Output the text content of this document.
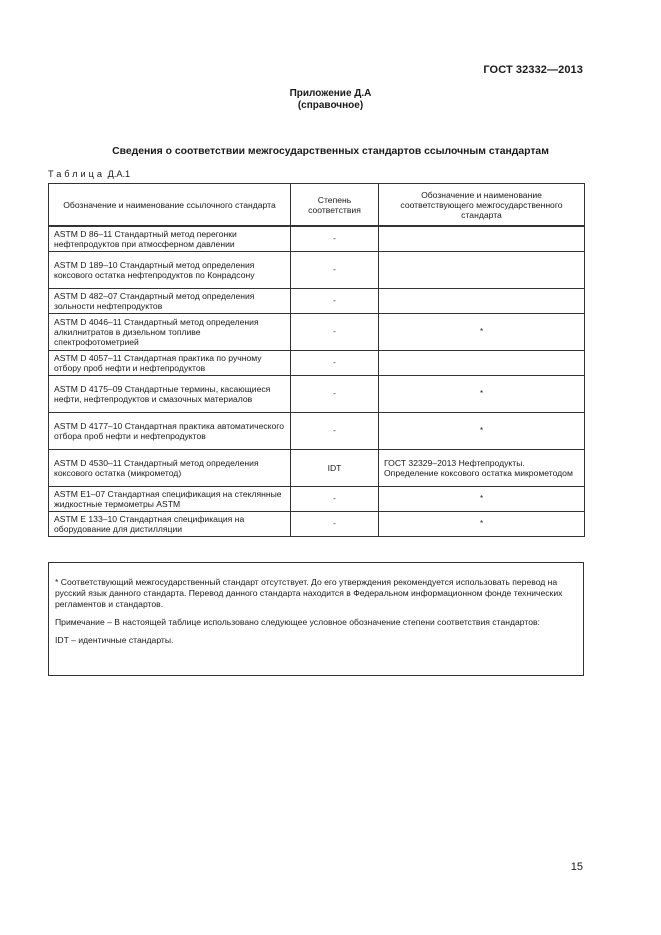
ГОСТ 32332—2013
Приложение Д.А
(справочное)
Сведения о соответствии межгосударственных стандартов ссылочным стандартам
Таблица Д.А.1
Обозначение и наименование ссылочного стандарта	Степень соответствия	Обозначение и наименование соответствующего межгосударственного стандарта
ASTM D 86–11 Стандартный метод перегонки нефтепродуктов при атмосферном давлении	-	
ASTM D 189–10 Стандартный метод определения коксового остатка нефтепродуктов по Конрадсону	-	
ASTM D 482–07 Стандартный метод определения зольности нефтепродуктов	-	
ASTM D 4046–11 Стандартный метод определения алкилнитратов в дизельном топливе спектрофотометрией	-	*
ASTM D 4057–11 Стандартная практика по ручному отбору проб нефти и нефтепродуктов	-	
ASTM D 4175–09 Стандартные термины, касающиеся нефти, нефтепродуктов и смазочных материалов	-	*
ASTM D 4177–10 Стандартная практика автоматического отбора проб нефти и нефтепродуктов	-	*
ASTM D 4530–11 Стандартный метод определения коксового остатка (микрометод)	IDT	ГОСТ 32329–2013 Нефтепродукты. Определение коксового остатка микрометодом
ASTM E1–07 Стандартная спецификация на стеклянные жидкостные термометры ASTM	-	*
ASTM E 133–10 Стандартная спецификация на оборудование для дистилляции	-	*

* Соответствующий межгосударственный стандарт отсутствует. До его утверждения рекомендуется использовать перевод на русский язык данного стандарта. Перевод данного стандарта находится в Федеральном информационном фонде технических регламентов и стандартов.

Примечание – В настоящей таблице использовано следующее условное обозначение степени соответствия стандартов:

IDT – идентичные стандарты.

15
